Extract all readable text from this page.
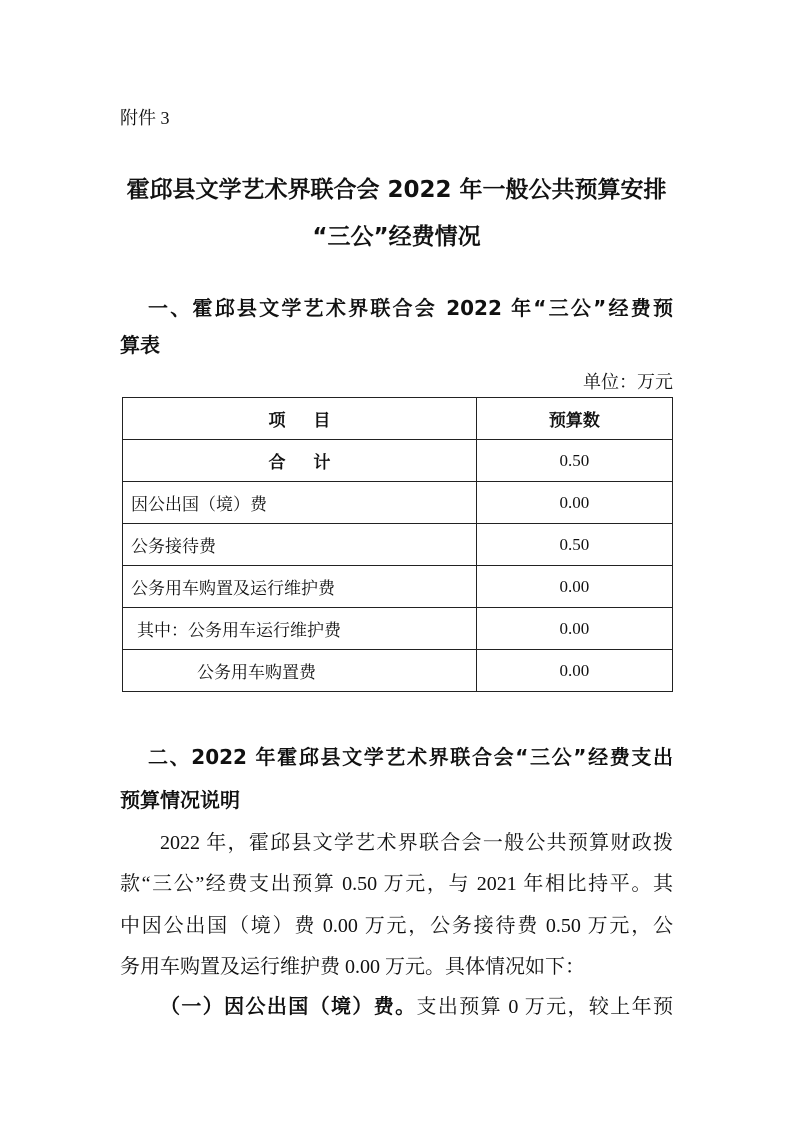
附件 3
霍邱县文学艺术界联合会 2022 年一般公共预算安排
“三公”经费情况
一、霍邱县文学艺术界联合会 2022 年“三公”经费预
算表
单位：万元
项 目	预算数
合 计	0.50
因公出国（境）费	0.00
公务接待费	0.50
公务用车购置及运行维护费	0.00
其中：公务用车运行维护费	0.00
公务用车购置费	0.00
二、2022 年霍邱县文学艺术界联合会“三公”经费支出
预算情况说明
2022 年，霍邱县文学艺术界联合会一般公共预算财政拨
款“三公”经费支出预算 0.50 万元，与 2021 年相比持平。其
中因公出国（境）费 0.00 万元，公务接待费 0.50 万元，公
务用车购置及运行维护费 0.00 万元。具体情况如下：
（一）因公出国（境）费。支出预算 0 万元，较上年预
